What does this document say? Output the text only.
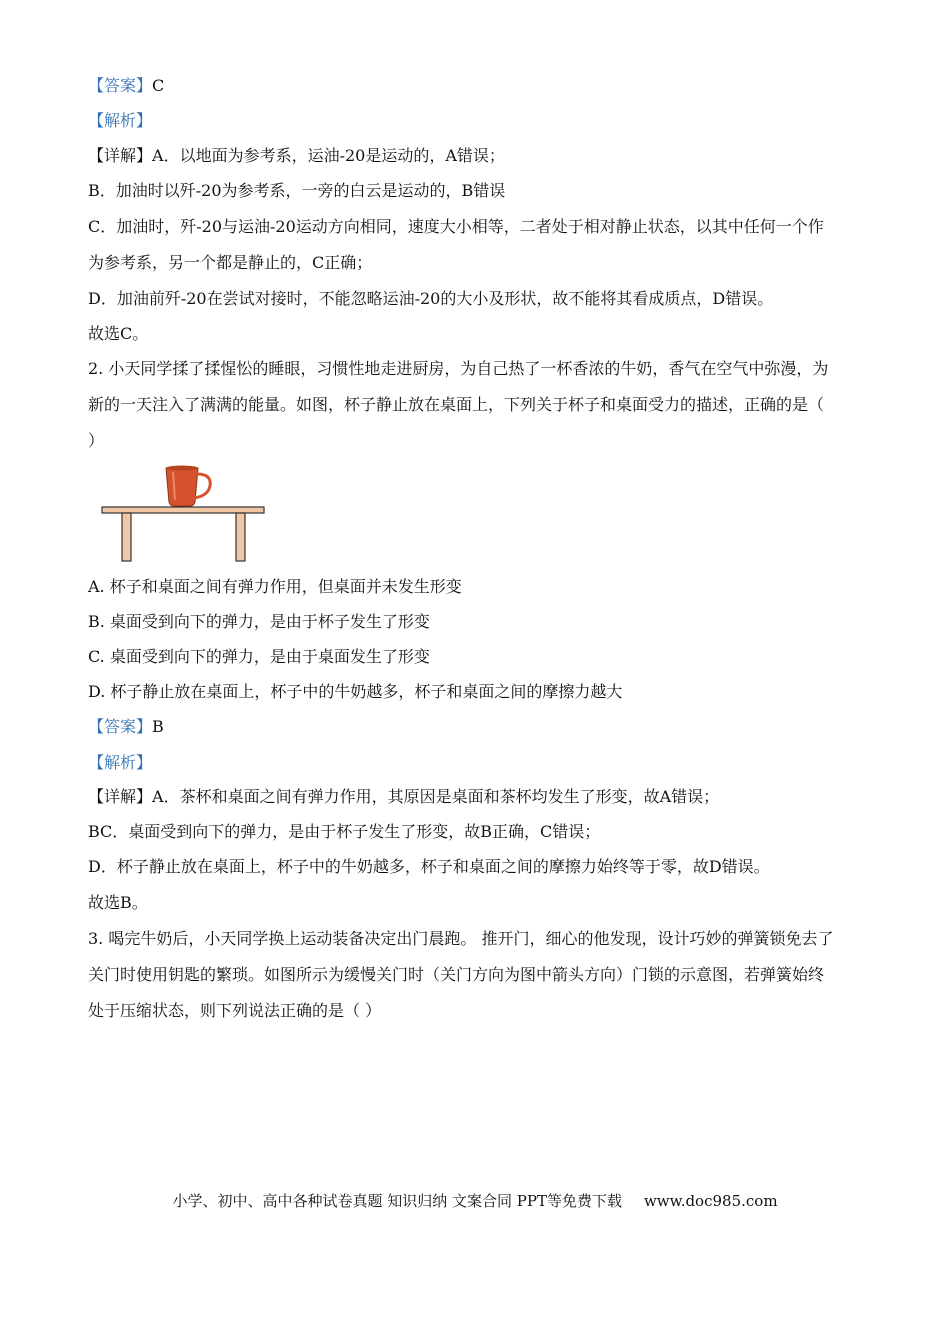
【答案】C
【解析】
【详解】A．以地面为参考系，运油-20是运动的，A错误；
B．加油时以歼-20为参考系，一旁的白云是运动的，B错误
C．加油时，歼-20与运油-20运动方向相同，速度大小相等，二者处于相对静止状态，以其中任何一个作
为参考系，另一个都是静止的，C正确；
D．加油前歼-20在尝试对接时，不能忽略运油-20的大小及形状，故不能将其看成质点，D错误。
故选C。
2. 小天同学揉了揉惺忪的睡眼，习惯性地走进厨房，为自己热了一杯香浓的牛奶，香气在空气中弥漫，为
新的一天注入了满满的能量。如图，杯子静止放在桌面上，下列关于杯子和桌面受力的描述，正确的是（
）
A. 杯子和桌面之间有弹力作用，但桌面并未发生形变
B. 桌面受到向下的弹力，是由于杯子发生了形变
C. 桌面受到向下的弹力，是由于桌面发生了形变
D. 杯子静止放在桌面上，杯子中的牛奶越多，杯子和桌面之间的摩擦力越大
【答案】B
【解析】
【详解】A．茶杯和桌面之间有弹力作用，其原因是桌面和茶杯均发生了形变，故A错误；
BC．桌面受到向下的弹力，是由于杯子发生了形变，故B正确，C错误；
D．杯子静止放在桌面上，杯子中的牛奶越多，杯子和桌面之间的摩擦力始终等于零，故D错误。
故选B。
3. 喝完牛奶后，小天同学换上运动装备决定出门晨跑。 推开门，细心的他发现，设计巧妙的弹簧锁免去了
关门时使用钥匙的繁琐。如图所示为缓慢关门时（关门方向为图中箭头方向）门锁的示意图，若弹簧始终
处于压缩状态，则下列说法正确的是（ ）
小学、初中、高中各种试卷真题 知识归纳 文案合同 PPT等免费下载 www.doc985.com
